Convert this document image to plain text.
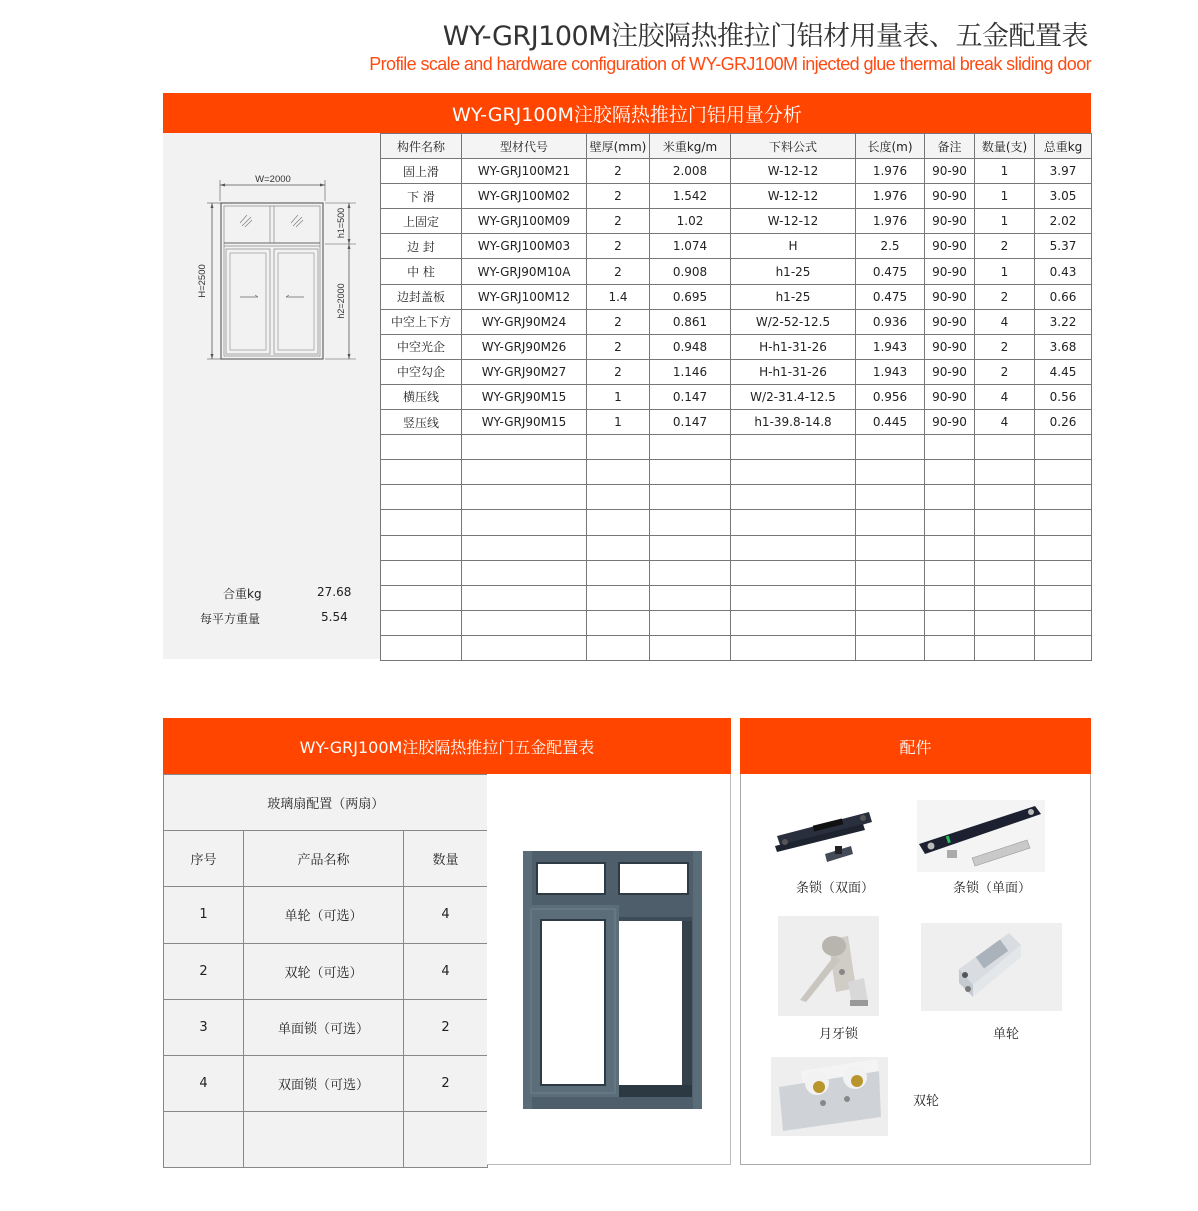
WY-GRJ100M注胶隔热推拉门铝材用量表、五金配置表
Profile scale and hardware configuration of WY-GRJ100M injected glue thermal break sliding door
WY-GRJ100M注胶隔热推拉门铝用量分析
W=2000
H=2500
h1=500
h2=2000
合重kg	27.68
每平方重量	5.54
构件名称	型材代号	壁厚(mm)	米重kg/m	下料公式	长度(m)	备注	数量(支)	总重kg
固上滑	WY-GRJ100M21	2	2.008	W-12-12	1.976	90-90	1	3.97
下 滑	WY-GRJ100M02	2	1.542	W-12-12	1.976	90-90	1	3.05
上固定	WY-GRJ100M09	2	1.02	W-12-12	1.976	90-90	1	2.02
边 封	WY-GRJ100M03	2	1.074	H	2.5	90-90	2	5.37
中 柱	WY-GRJ90M10A	2	0.908	h1-25	0.475	90-90	1	0.43
边封盖板	WY-GRJ100M12	1.4	0.695	h1-25	0.475	90-90	2	0.66
中空上下方	WY-GRJ90M24	2	0.861	W/2-52-12.5	0.936	90-90	4	3.22
中空光企	WY-GRJ90M26	2	0.948	H-h1-31-26	1.943	90-90	2	3.68
中空勾企	WY-GRJ90M27	2	1.146	H-h1-31-26	1.943	90-90	2	4.45
横压线	WY-GRJ90M15	1	0.147	W/2-31.4-12.5	0.956	90-90	4	0.56
竖压线	WY-GRJ90M15	1	0.147	h1-39.8-14.8	0.445	90-90	4	0.26

WY-GRJ100M注胶隔热推拉门五金配置表
玻璃扇配置（两扇）		
序号	产品名称	数量
1	单轮（可选）	4
2	双轮（可选）	4
3	单面锁（可选）	2
4	双面锁（可选）	2

配件
条锁（双面）	条锁（单面）
月牙锁	单轮
双轮
